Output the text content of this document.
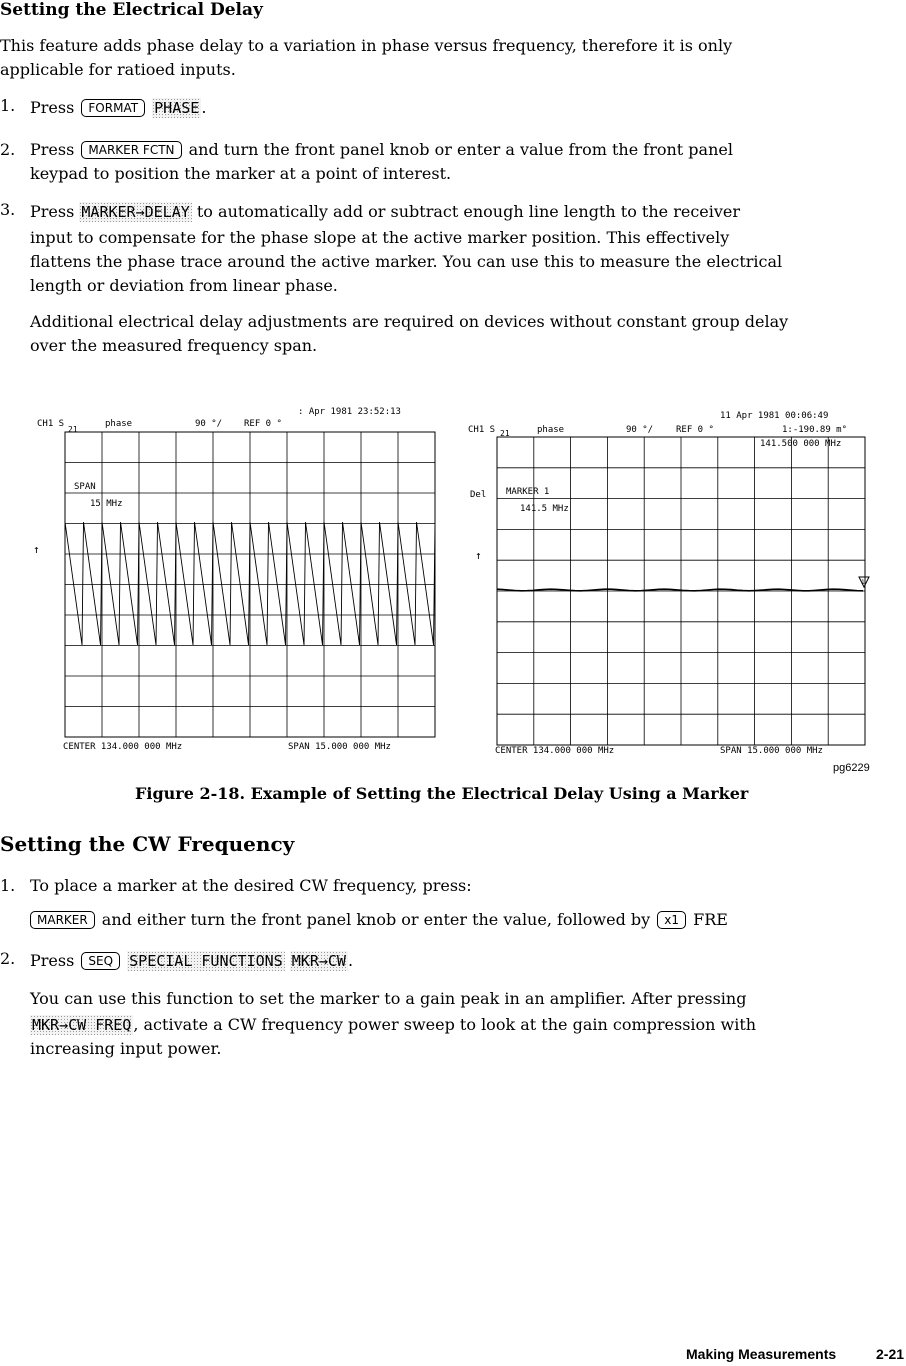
Setting the Electrical Delay
This feature adds phase delay to a variation in phase versus frequency, therefore it is only
applicable for ratioed inputs.
1. Press FORMAT PHASE .
2. Press MARKER FCTN and turn the front panel knob or enter a value from the front panel
keypad to position the marker at a point of interest.
3. Press MARKER→DELAY to automatically add or subtract enough line length to the receiver
input to compensate for the phase slope at the active marker position. This effectively
flattens the phase trace around the active marker. You can use this to measure the electrical
length or deviation from linear phase.
Additional electrical delay adjustments are required on devices without constant group delay
over the measured frequency span.
: Apr 1981 23:52:13
CH1 S
21
phase	90 °/ REF 0 °
SPAN
15 MHz
↑
CENTER 134.000 000 MHz	SPAN 15.000 000 MHz
11 Apr 1981 00:06:49
CH1 S 21	phase	90 °/	REF 0 °	1:-190.89 m°
141.500 000 MHz
Del MARKER 1
141.5 MHz
↑
1
CENTER 134.000 000 MHz	SPAN 15.000 000 MHz
pg6229
Figure 2-18. Example of Setting the Electrical Delay Using a Marker
Setting the CW Frequency
1. To place a marker at the desired CW frequency, press:
MARKER and either turn the front panel knob or enter the value, followed by x1 FRE
2. Press SEQ SPECIAL FUNCTIONS MKR→CW .
You can use this function to set the marker to a gain peak in an amplifier. After pressing
MKR→CW FREQ , activate a CW frequency power sweep to look at the gain compression with
increasing input power.
Making Measurements	2-21
